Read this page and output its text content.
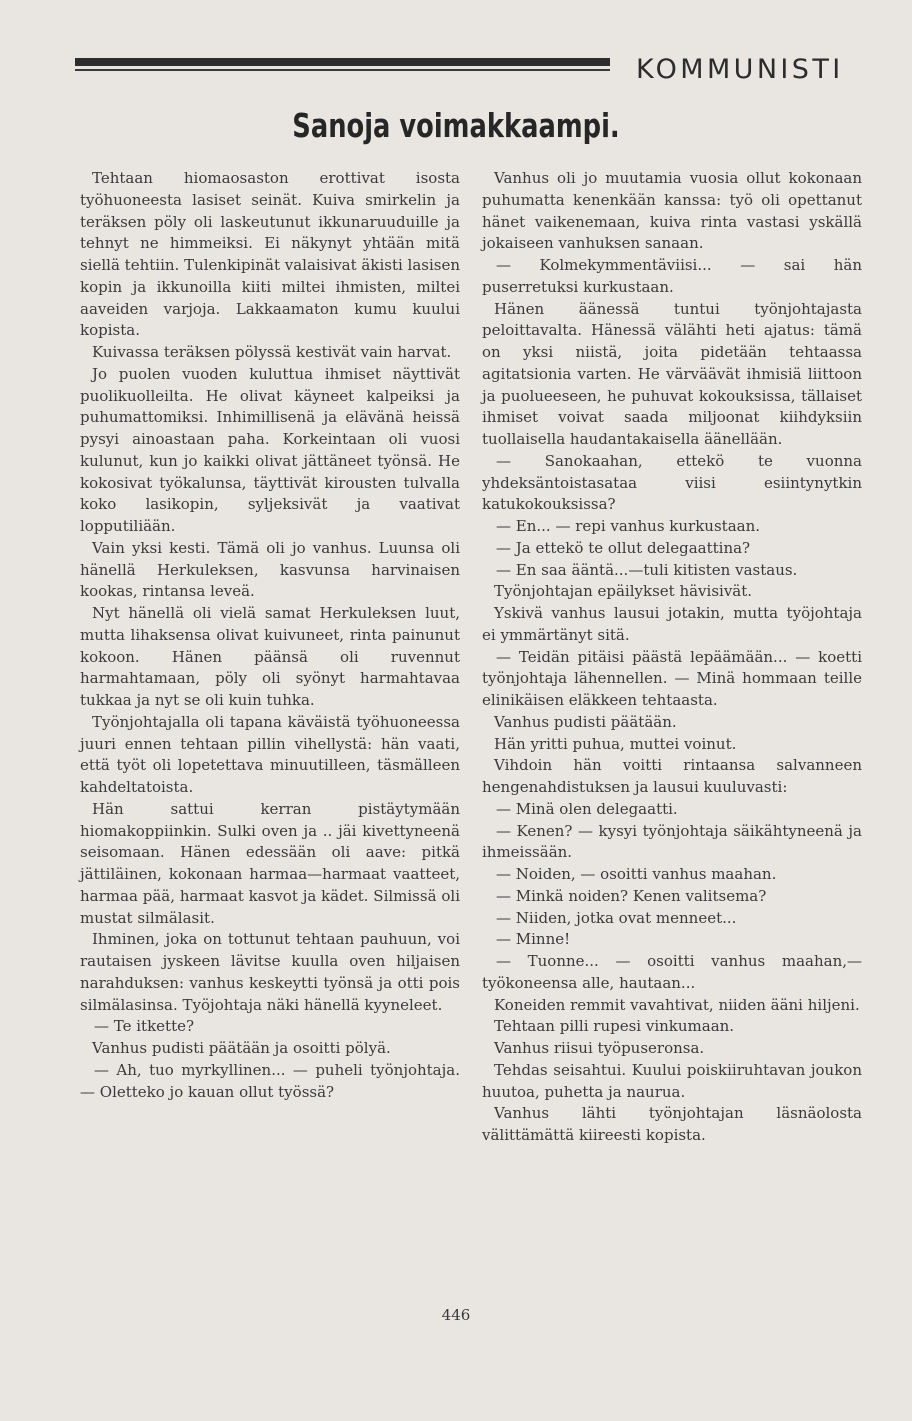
KOMMUNISTI
Sanoja voimakkaampi.

Tehtaan hiomaosaston erottivat isosta työhuoneesta lasiset seinät. Kuiva smirkelin ja teräksen pöly oli laskeutunut ikkunaruuduille ja tehnyt ne himmeiksi. Ei näkynyt yhtään mitä siellä tehtiin. Tulenkipinät valaisivat äkisti lasisen kopin ja ikkunoilla kiiti miltei ihmisten, miltei aaveiden varjoja. Lakkaamaton kumu kuului kopista.

Kuivassa teräksen pölyssä kestivät vain harvat.

Jo puolen vuoden kuluttua ihmiset näyttivät puolikuolleilta. He olivat käyneet kalpeiksi ja puhumattomiksi. Inhimillisenä ja elävänä heissä pysyi ainoastaan paha. Korkeintaan oli vuosi kulunut, kun jo kaikki olivat jättäneet työnsä. He kokosivat työkalunsa, täyttivät kirousten tulvalla koko lasikopin, syljeksivät ja vaativat lopputiliään.

Vain yksi kesti. Tämä oli jo vanhus. Luunsa oli hänellä Herkuleksen, kasvunsa harvinaisen kookas, rintansa leveä.

Nyt hänellä oli vielä samat Herkuleksen luut, mutta lihaksensa olivat kuivuneet, rinta painunut kokoon. Hänen päänsä oli ruvennut harmahtamaan, pöly oli syönyt harmahtavaa tukkaa ja nyt se oli kuin tuhka.

Työnjohtajalla oli tapana käväistä työhuoneessa juuri ennen tehtaan pillin vihellystä: hän vaati, että työt oli lopetettava minuutilleen, täsmälleen kahdeltatoista.

Hän sattui kerran pistäytymään hiomakoppiinkin. Sulki oven ja .. jäi kivettyneenä seisomaan. Hänen edessään oli aave: pitkä jättiläinen, kokonaan harmaa—harmaat vaatteet, harmaa pää, harmaat kasvot ja kädet. Silmissä oli mustat silmälasit.

Ihminen, joka on tottunut tehtaan pauhuun, voi rautaisen jyskeen lävitse kuulla oven hiljaisen narahduksen: vanhus keskeytti työnsä ja otti pois silmälasinsa. Työjohtaja näki hänellä kyyneleet.

— Te itkette?

Vanhus pudisti päätään ja osoitti pölyä.

— Ah, tuo myrkyllinen... — puheli työnjohtaja. — Oletteko jo kauan ollut työssä?

Vanhus oli jo muutamia vuosia ollut kokonaan puhumatta kenenkään kanssa: työ oli opettanut hänet vaikenemaan, kuiva rinta vastasi yskällä jokaiseen vanhuksen sanaan.

— Kolmekymmentäviisi... — sai hän puserretuksi kurkustaan.

Hänen äänessä tuntui työnjohtajasta peloittavalta. Hänessä välähti heti ajatus: tämä on yksi niistä, joita pidetään tehtaassa agitatsionia varten. He värväävät ihmisiä liittoon ja puolueeseen, he puhuvat kokouksissa, tällaiset ihmiset voivat saada miljoonat kiihdyksiin tuollaisella haudantakaisella äänellään.

— Sanokaahan, ettekö te vuonna yhdeksäntoistasataa viisi esiintynytkin katukokouksissa?

— En... — repi vanhus kurkustaan.

— Ja ettekö te ollut delegaattina?

— En saa ääntä...—tuli kitisten vastaus.

Työnjohtajan epäilykset hävisivät.

Yskivä vanhus lausui jotakin, mutta työjohtaja ei ymmärtänyt sitä.

— Teidän pitäisi päästä lepäämään... — koetti työnjohtaja lähennellen. — Minä hommaan teille elinikäisen eläkkeen tehtaasta.

Vanhus pudisti päätään.

Hän yritti puhua, muttei voinut.

Vihdoin hän voitti rintaansa salvanneen hengenahdistuksen ja lausui kuuluvasti:

— Minä olen delegaatti.

— Kenen? — kysyi työnjohtaja säikähtyneenä ja ihmeissään.

— Noiden, — osoitti vanhus maahan.

— Minkä noiden? Kenen valitsema?

— Niiden, jotka ovat menneet...

— Minne!

— Tuonne... — osoitti vanhus maahan,— työkoneensa alle, hautaan...

Koneiden remmit vavahtivat, niiden ääni hiljeni.

Tehtaan pilli rupesi vinkumaan.

Vanhus riisui työpuseronsa.

Tehdas seisahtui. Kuului poiskiiruhtavan joukon huutoa, puhetta ja naurua.

Vanhus lähti työnjohtajan läsnäolosta välittämättä kiireesti kopista.

446
